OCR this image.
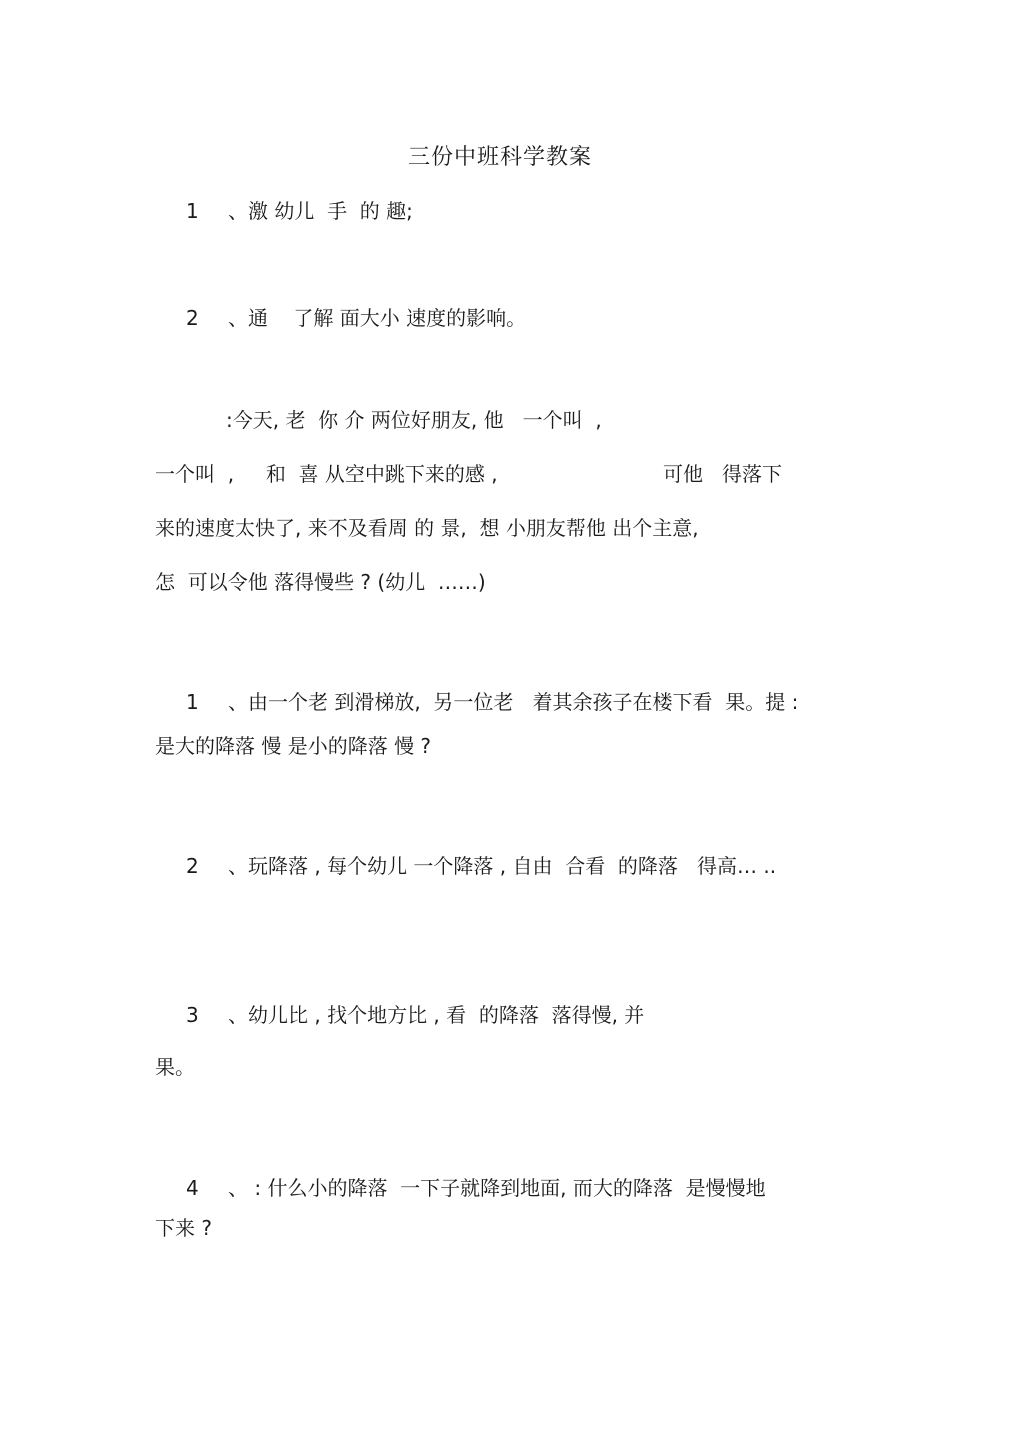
三份中班科学教案
1 、激 幼儿  手  的 趣;
2 、通    了解 面大小 速度的影响。
:今天, 老  你 介 两位好朋友, 他   一个叫  ,
一个叫  ,     和  喜 从空中跳下来的感 ,                          可他   得落下
来的速度太快了, 来不及看周 的 景,  想 小朋友帮他 出个主意,
怎  可以令他 落得慢些 ? (幼儿  ……)
1 、由一个老 到滑梯放,  另一位老   着其余孩子在楼下看  果。提 :
是大的降落 慢 是小的降落 慢 ?
2 、玩降落 , 每个幼儿 一个降落 , 自由  合看  的降落   得高… ..
3 、幼儿比 , 找个地方比 , 看  的降落  落得慢, 并
果。
4 、 : 什么小的降落  一下子就降到地面, 而大的降落  是慢慢地
下来 ?
